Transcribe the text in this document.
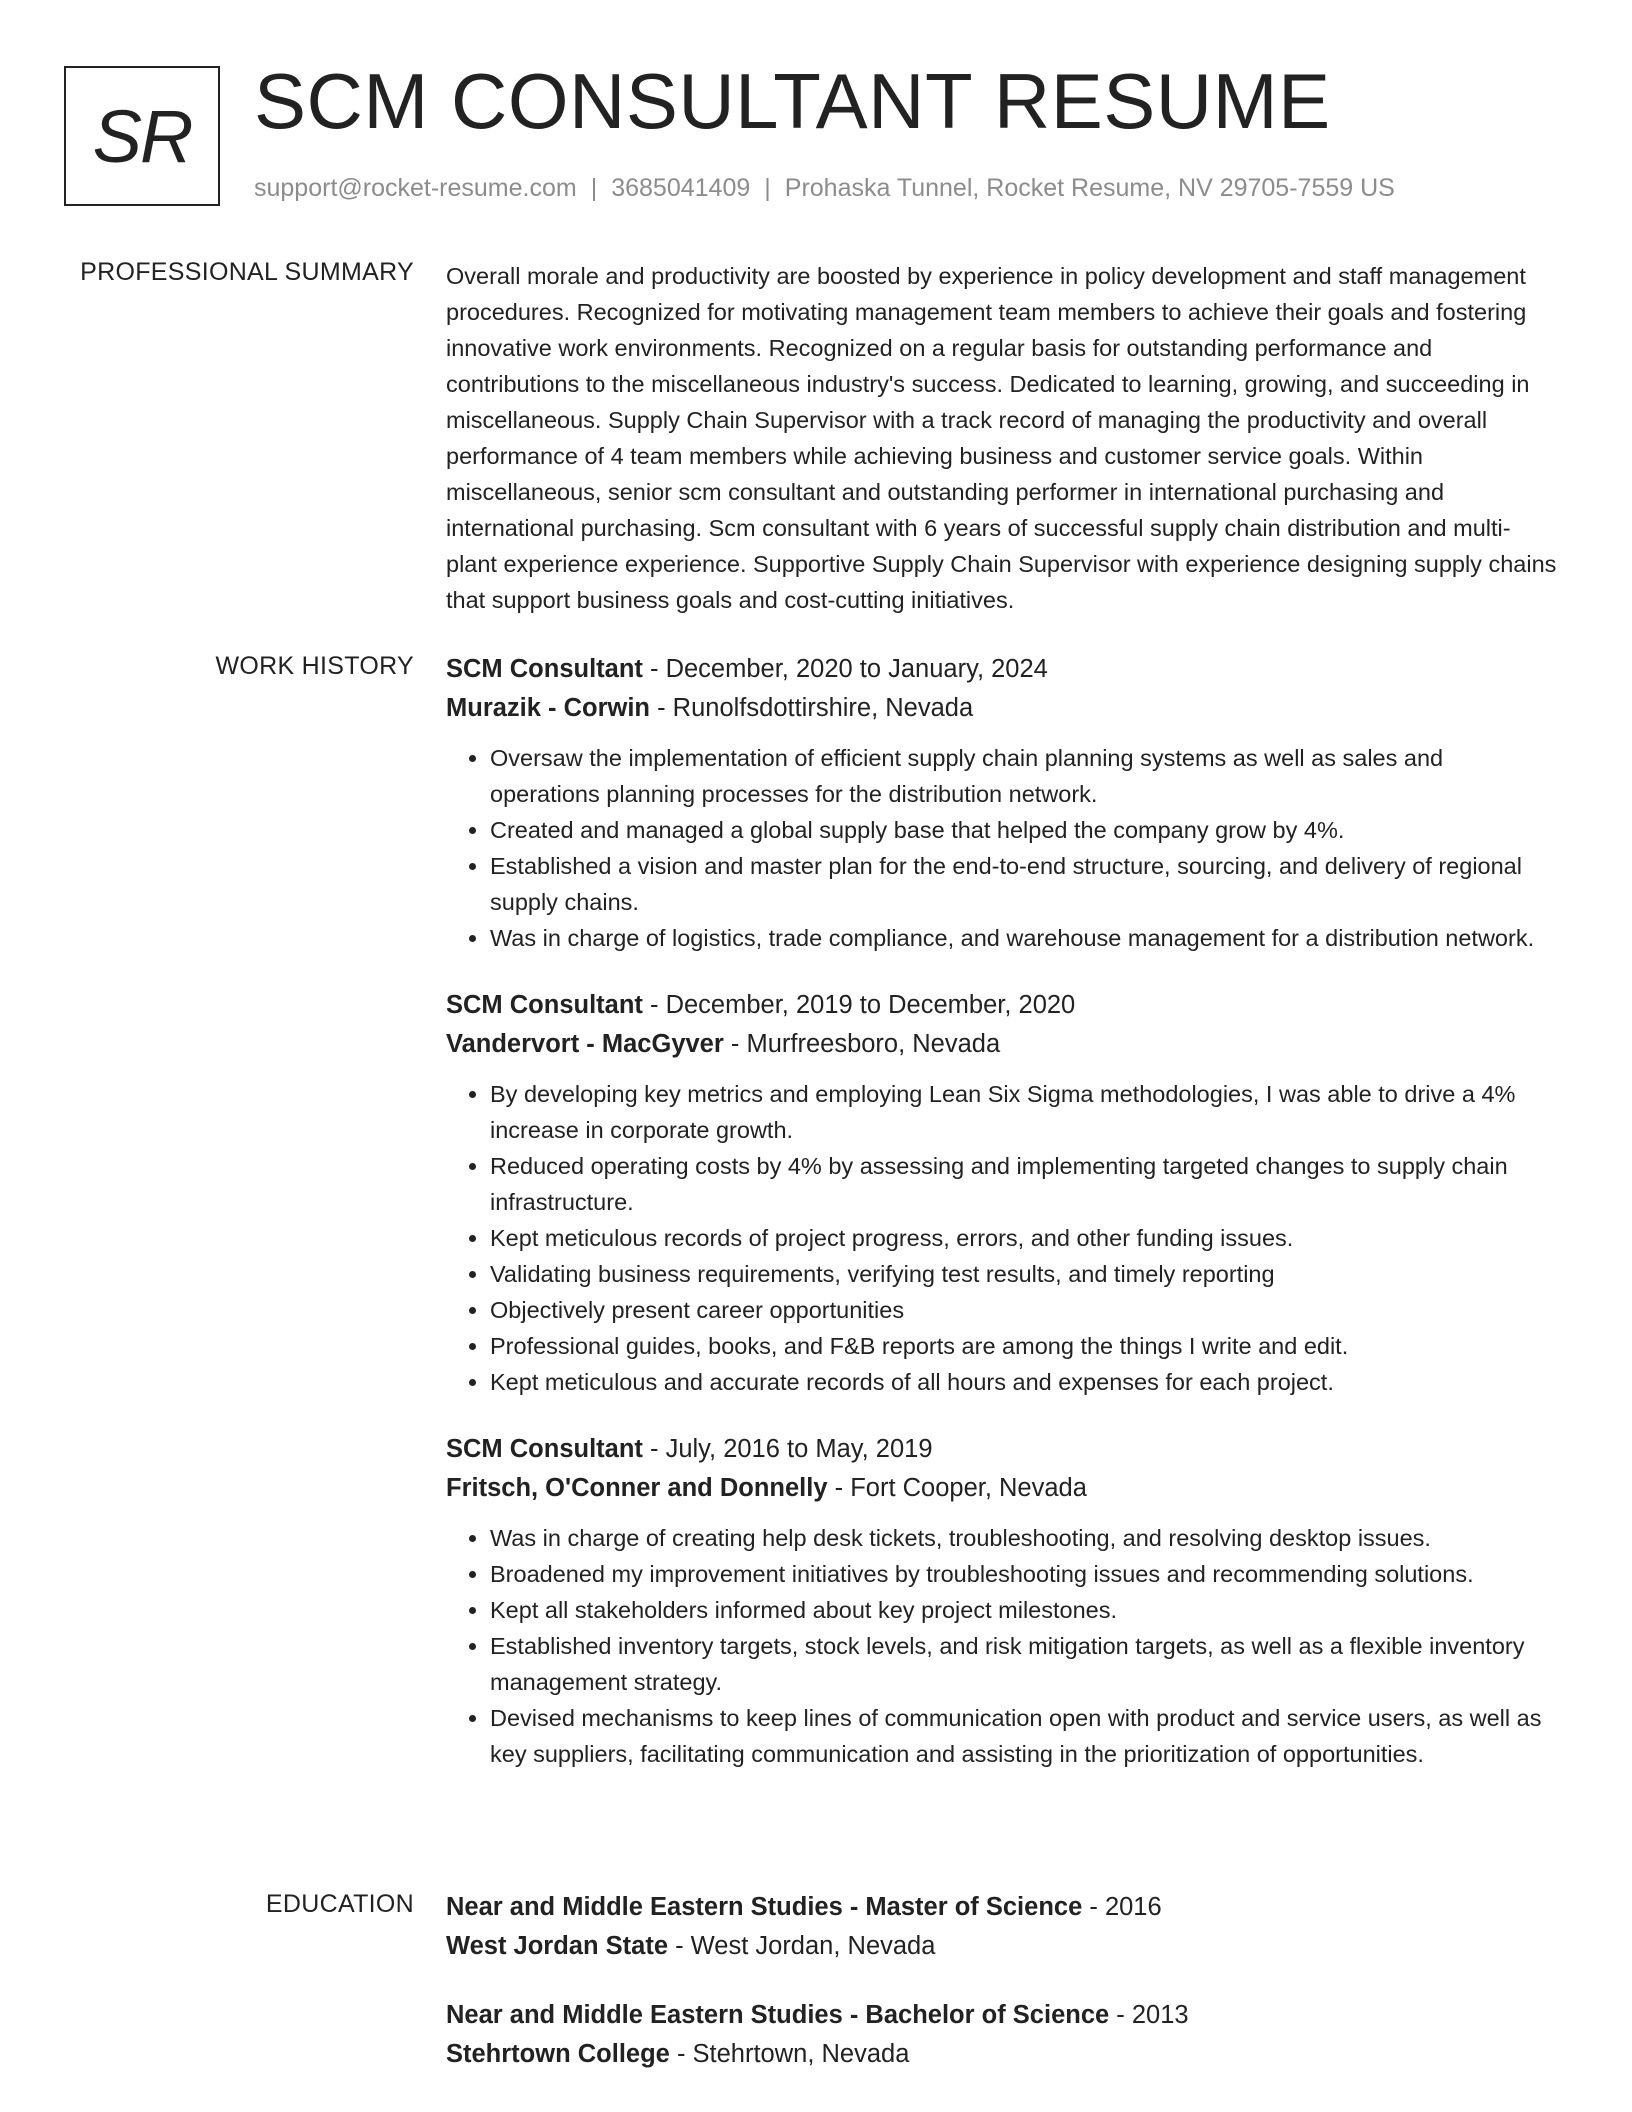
SR SCM CONSULTANT RESUME
support@rocket-resume.com | 3685041409 | Prohaska Tunnel, Rocket Resume, NV 29705-7559 US
PROFESSIONAL SUMMARY Overall morale and productivity are boosted by experience in policy development and staff management procedures. Recognized for motivating management team members to achieve their goals and fostering innovative work environments. Recognized on a regular basis for outstanding performance and contributions to the miscellaneous industry's success. Dedicated to learning, growing, and succeeding in miscellaneous. Supply Chain Supervisor with a track record of managing the productivity and overall performance of 4 team members while achieving business and customer service goals. Within miscellaneous, senior scm consultant and outstanding performer in international purchasing and international purchasing. Scm consultant with 6 years of successful supply chain distribution and multi-plant experience experience. Supportive Supply Chain Supervisor with experience designing supply chains that support business goals and cost-cutting initiatives.

WORK HISTORY SCM Consultant - December, 2020 to January, 2024
Murazik - Corwin - Runolfsdottirshire, Nevada
• Oversaw the implementation of efficient supply chain planning systems as well as sales and operations planning processes for the distribution network.
• Created and managed a global supply base that helped the company grow by 4%.
• Established a vision and master plan for the end-to-end structure, sourcing, and delivery of regional supply chains.
• Was in charge of logistics, trade compliance, and warehouse management for a distribution network.
SCM Consultant - December, 2019 to December, 2020
Vandervort - MacGyver - Murfreesboro, Nevada
• By developing key metrics and employing Lean Six Sigma methodologies, I was able to drive a 4% increase in corporate growth.
• Reduced operating costs by 4% by assessing and implementing targeted changes to supply chain infrastructure.
• Kept meticulous records of project progress, errors, and other funding issues.
• Validating business requirements, verifying test results, and timely reporting
• Objectively present career opportunities
• Professional guides, books, and F&B reports are among the things I write and edit.
• Kept meticulous and accurate records of all hours and expenses for each project.
SCM Consultant - July, 2016 to May, 2019
Fritsch, O'Conner and Donnelly - Fort Cooper, Nevada
• Was in charge of creating help desk tickets, troubleshooting, and resolving desktop issues.
• Broadened my improvement initiatives by troubleshooting issues and recommending solutions.
• Kept all stakeholders informed about key project milestones.
• Established inventory targets, stock levels, and risk mitigation targets, as well as a flexible inventory management strategy.
• Devised mechanisms to keep lines of communication open with product and service users, as well as key suppliers, facilitating communication and assisting in the prioritization of opportunities.
EDUCATION Near and Middle Eastern Studies - Master of Science - 2016
West Jordan State - West Jordan, Nevada
Near and Middle Eastern Studies - Bachelor of Science - 2013
Stehrtown College - Stehrtown, Nevada
